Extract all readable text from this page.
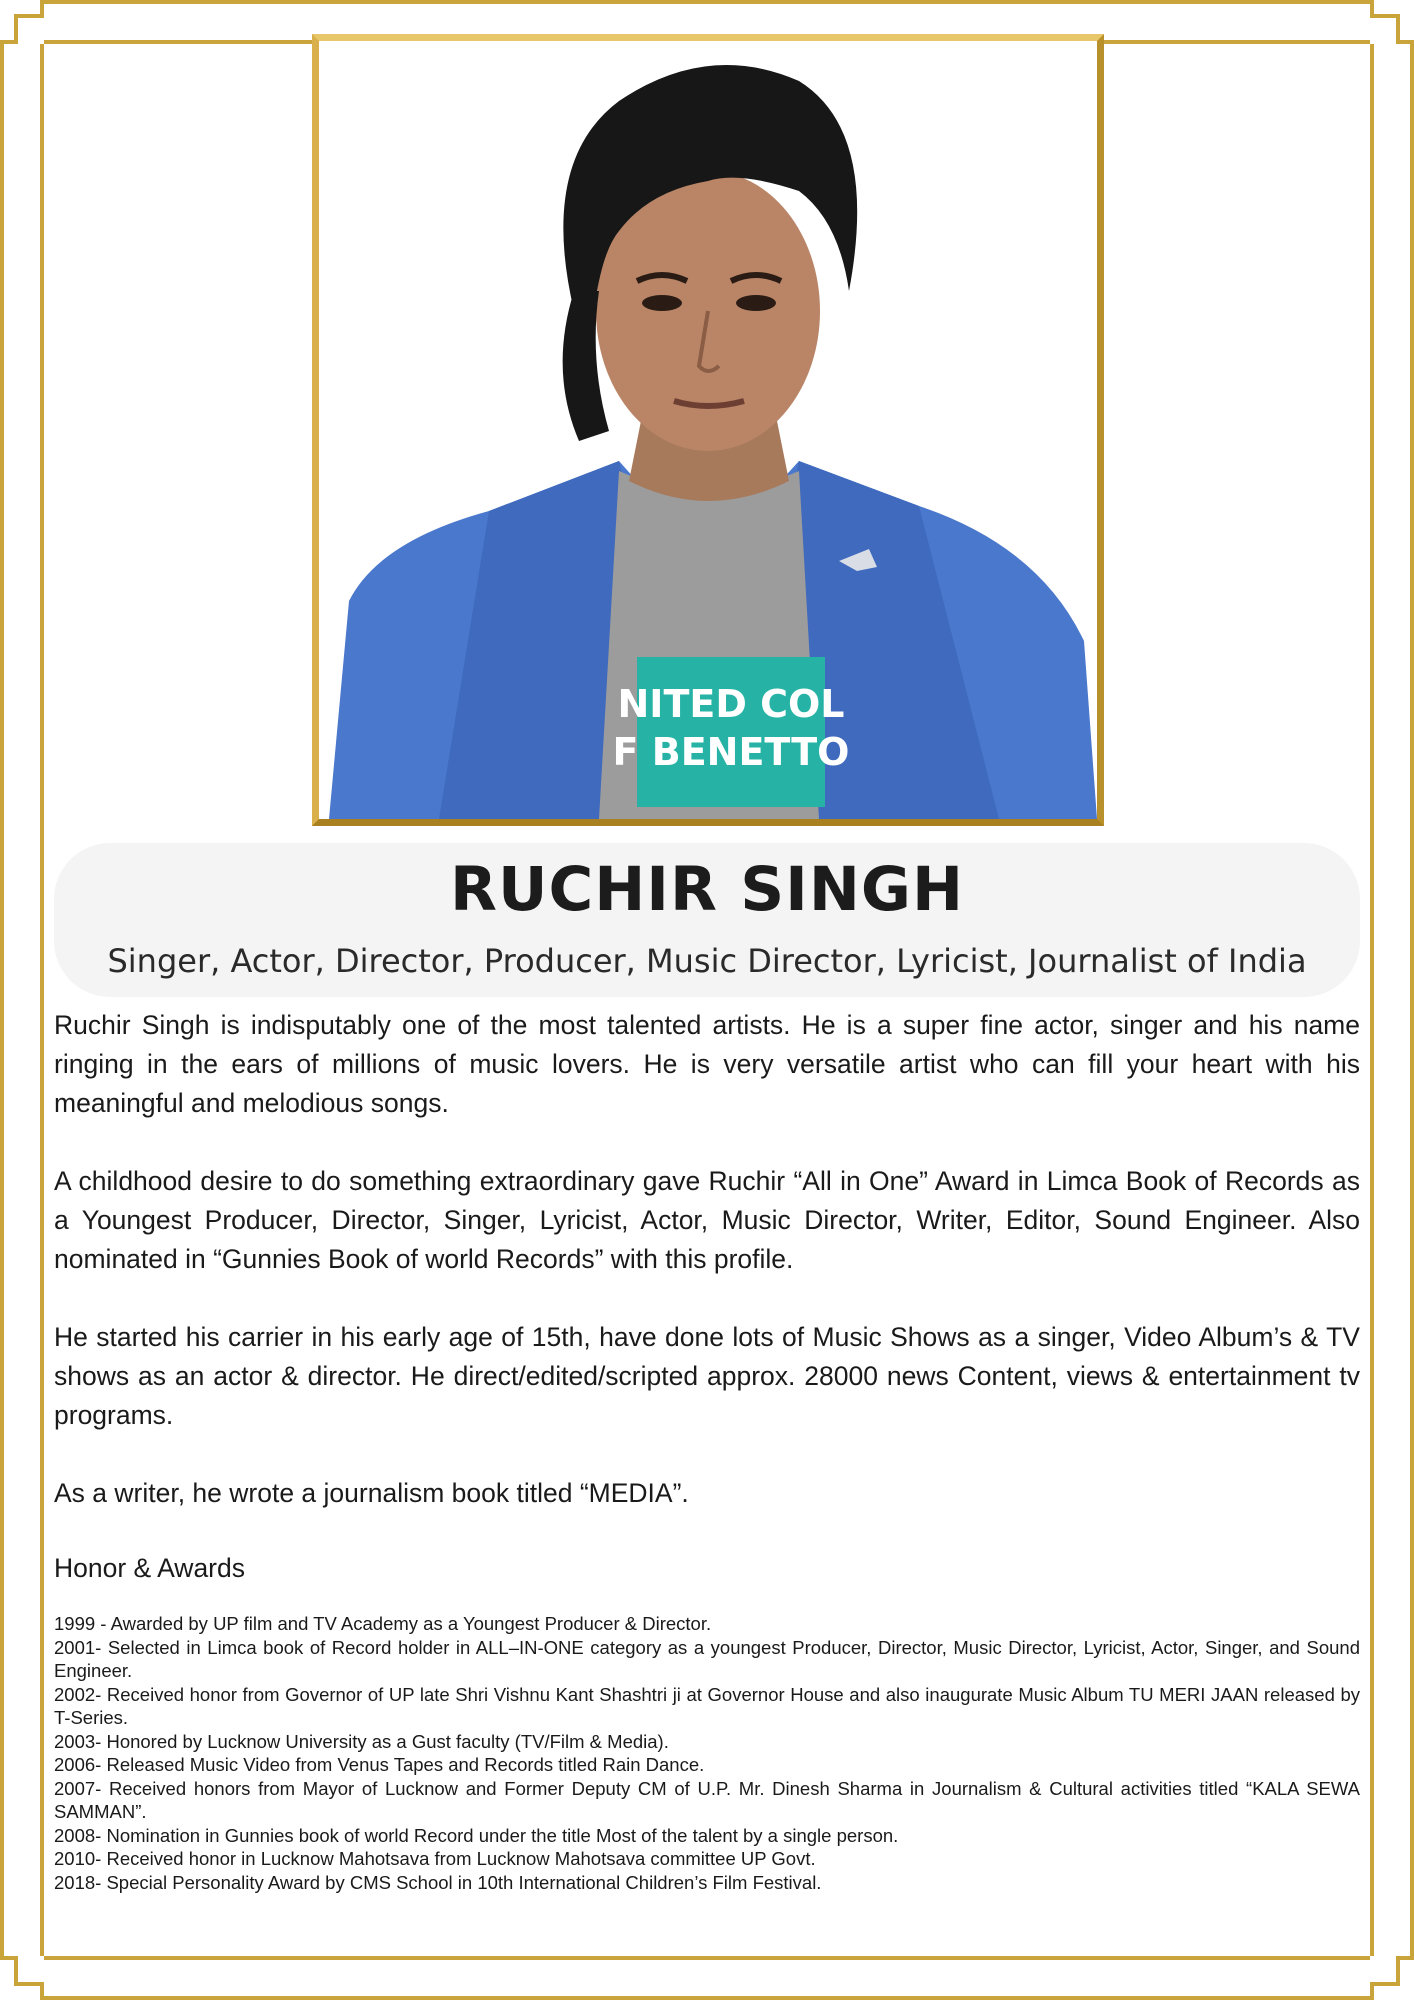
NITED COL
F BENETTO
RUCHIR SINGH
Singer, Actor, Director, Producer, Music Director, Lyricist, Journalist of India

Ruchir Singh is indisputably one of the most talented artists. He is a super fine actor, singer and his name ringing in the ears of millions of music lovers. He is very versatile artist who can fill your heart with his meaningful and melodious songs.

A childhood desire to do something extraordinary gave Ruchir “All in One” Award in Limca Book of Records as a Youngest Producer, Director, Singer, Lyricist, Actor, Music Director, Writer, Editor, Sound Engineer. Also nominated in “Gunnies Book of world Records” with this profile.

He started his carrier in his early age of 15th, have done lots of Music Shows as a singer, Video Album’s & TV shows as an actor & director. He direct/edited/scripted approx. 28000 news Content, views & entertainment tv programs.

As a writer, he wrote a journalism book titled “MEDIA”.

Honor & Awards
1999 - Awarded by UP film and TV Academy as a Youngest Producer & Director.
2001- Selected in Limca book of Record holder in ALL–IN-ONE category as a youngest Producer, Director, Music Director, Lyricist, Actor, Singer, and Sound Engineer.
2002- Received honor from Governor of UP late Shri Vishnu Kant Shashtri ji at Governor House and also inaugurate Music Album TU MERI JAAN released by T-Series.
2003- Honored by Lucknow University as a Gust faculty (TV/Film & Media).
2006- Released Music Video from Venus Tapes and Records titled Rain Dance.
2007- Received honors from Mayor of Lucknow and Former Deputy CM of U.P. Mr. Dinesh Sharma in Journalism & Cultural activities titled “KALA SEWA SAMMAN”.
2008- Nomination in Gunnies book of world Record under the title Most of the talent by a single person.
2010- Received honor in Lucknow Mahotsava from Lucknow Mahotsava committee UP Govt.
2018- Special Personality Award by CMS School in 10th International Children’s Film Festival.
